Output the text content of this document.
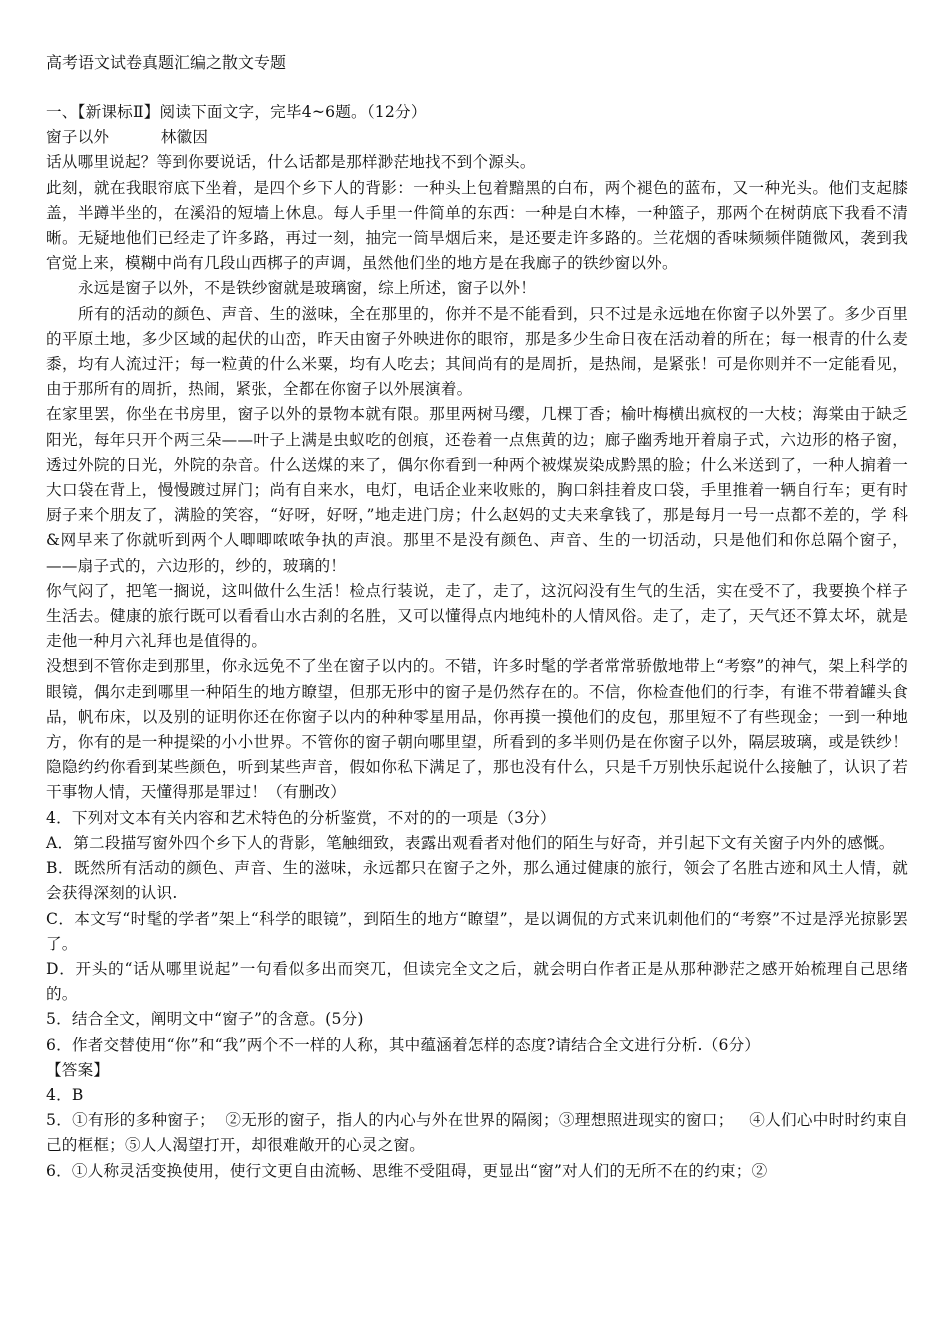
高考语文试卷真题汇编之散文专题

一、【新课标Ⅱ】阅读下面文字，完毕4~6题。（12分）

窗子以外	林徽因

话从哪里说起？等到你要说话，什么话都是那样渺茫地找不到个源头。

此刻，就在我眼帘底下坐着，是四个乡下人的背影：一种头上包着黯黑的白布，两个褪色的蓝布，又一种光头。他们支起膝盖，半蹲半坐的，在溪沿的短墙上休息。每人手里一件简单的东西：一种是白木棒，一种篮子，那两个在树荫底下我看不清晰。无疑地他们已经走了许多路，再过一刻，抽完一筒旱烟后来，是还要走许多路的。兰花烟的香味频频伴随微风，袭到我官觉上来，模糊中尚有几段山西梆子的声调，虽然他们坐的地方是在我廊子的铁纱窗以外。

永远是窗子以外，不是铁纱窗就是玻璃窗，综上所述，窗子以外！

所有的活动的颜色、声音、生的滋味，全在那里的，你并不是不能看到，只不过是永远地在你窗子以外罢了。多少百里的平原土地，多少区域的起伏的山峦，昨天由窗子外映进你的眼帘，那是多少生命日夜在活动着的所在；每一根青的什么麦黍，均有人流过汗；每一粒黄的什么米粟，均有人吃去；其间尚有的是周折，是热闹，是紧张！可是你则并不一定能看见，由于那所有的周折，热闹，紧张，全都在你窗子以外展演着。

在家里罢，你坐在书房里，窗子以外的景物本就有限。那里两树马缨，几棵丁香；榆叶梅横出疯杈的一大枝；海棠由于缺乏阳光，每年只开个两三朵——叶子上满是虫蚁吃的创痕，还卷着一点焦黄的边；廊子幽秀地开着扇子式，六边形的格子窗，透过外院的日光，外院的杂音。什么送煤的来了，偶尔你看到一种两个被煤炭染成黔黑的脸；什么米送到了，一种人掮着一大口袋在背上，慢慢踱过屏门；尚有自来水，电灯，电话企业来收账的，胸口斜挂着皮口袋，手里推着一辆自行车；更有时厨子来个朋友了，满脸的笑容，“好呀，好呀，”地走进门房；什么赵妈的丈夫来拿钱了，那是每月一号一点都不差的，学 科&网早来了你就听到两个人唧唧哝哝争执的声浪。那里不是没有颜色、声音、生的一切活动，只是他们和你总隔个窗子，——扇子式的，六边形的，纱的，玻璃的！

你气闷了，把笔一搁说，这叫做什么生活！检点行装说，走了，走了，这沉闷没有生气的生活，实在受不了，我要换个样子生活去。健康的旅行既可以看看山水古刹的名胜，又可以懂得点内地纯朴的人情风俗。走了，走了，天气还不算太坏，就是走他一种月六礼拜也是值得的。

没想到不管你走到那里，你永远免不了坐在窗子以内的。不错，许多时髦的学者常常骄傲地带上“考察”的神气，架上科学的眼镜，偶尔走到哪里一种陌生的地方瞭望，但那无形中的窗子是仍然存在的。不信，你检查他们的行李，有谁不带着罐头食品，帆布床，以及别的证明你还在你窗子以内的种种零星用品，你再摸一摸他们的皮包，那里短不了有些现金；一到一种地方，你有的是一种提梁的小小世界。不管你的窗子朝向哪里望，所看到的多半则仍是在你窗子以外，隔层玻璃，或是铁纱！隐隐约约你看到某些颜色，听到某些声音，假如你私下满足了，那也没有什么，只是千万别快乐起说什么接触了，认识了若干事物人情，天懂得那是罪过！（有删改）

4．下列对文本有关内容和艺术特色的分析鉴赏，不对的的一项是（3分）

A．第二段描写窗外四个乡下人的背影，笔触细致，表露出观看者对他们的陌生与好奇，并引起下文有关窗子内外的感慨。

B．既然所有活动的颜色、声音、生的滋味，永远都只在窗子之外，那么通过健康的旅行，领会了名胜古迹和风土人情，就会获得深刻的认识.

C．本文写“时髦的学者”架上“科学的眼镜”，到陌生的地方“瞭望”，是以调侃的方式来讥刺他们的“考察”不过是浮光掠影罢了。

D．开头的“话从哪里说起”一句看似多出而突兀，但读完全文之后，就会明白作者正是从那种渺茫之感开始梳理自己思绪的。

5．结合全文，阐明文中“窗子”的含意。(5分)

6．作者交替使用“你”和“我”两个不一样的人称，其中蕴涵着怎样的态度?请结合全文进行分析.（6分）

【答案】

4．B

5．①有形的多种窗子；  ②无形的窗子，指人的内心与外在世界的隔阂；③理想照进现实的窗口；   ④人们心中时时约束自己的框框；⑤人人渴望打开，却很难敞开的心灵之窗。

6．①人称灵活变换使用，使行文更自由流畅、思维不受阻碍，更显出“窗”对人们的无所不在的约束；②
